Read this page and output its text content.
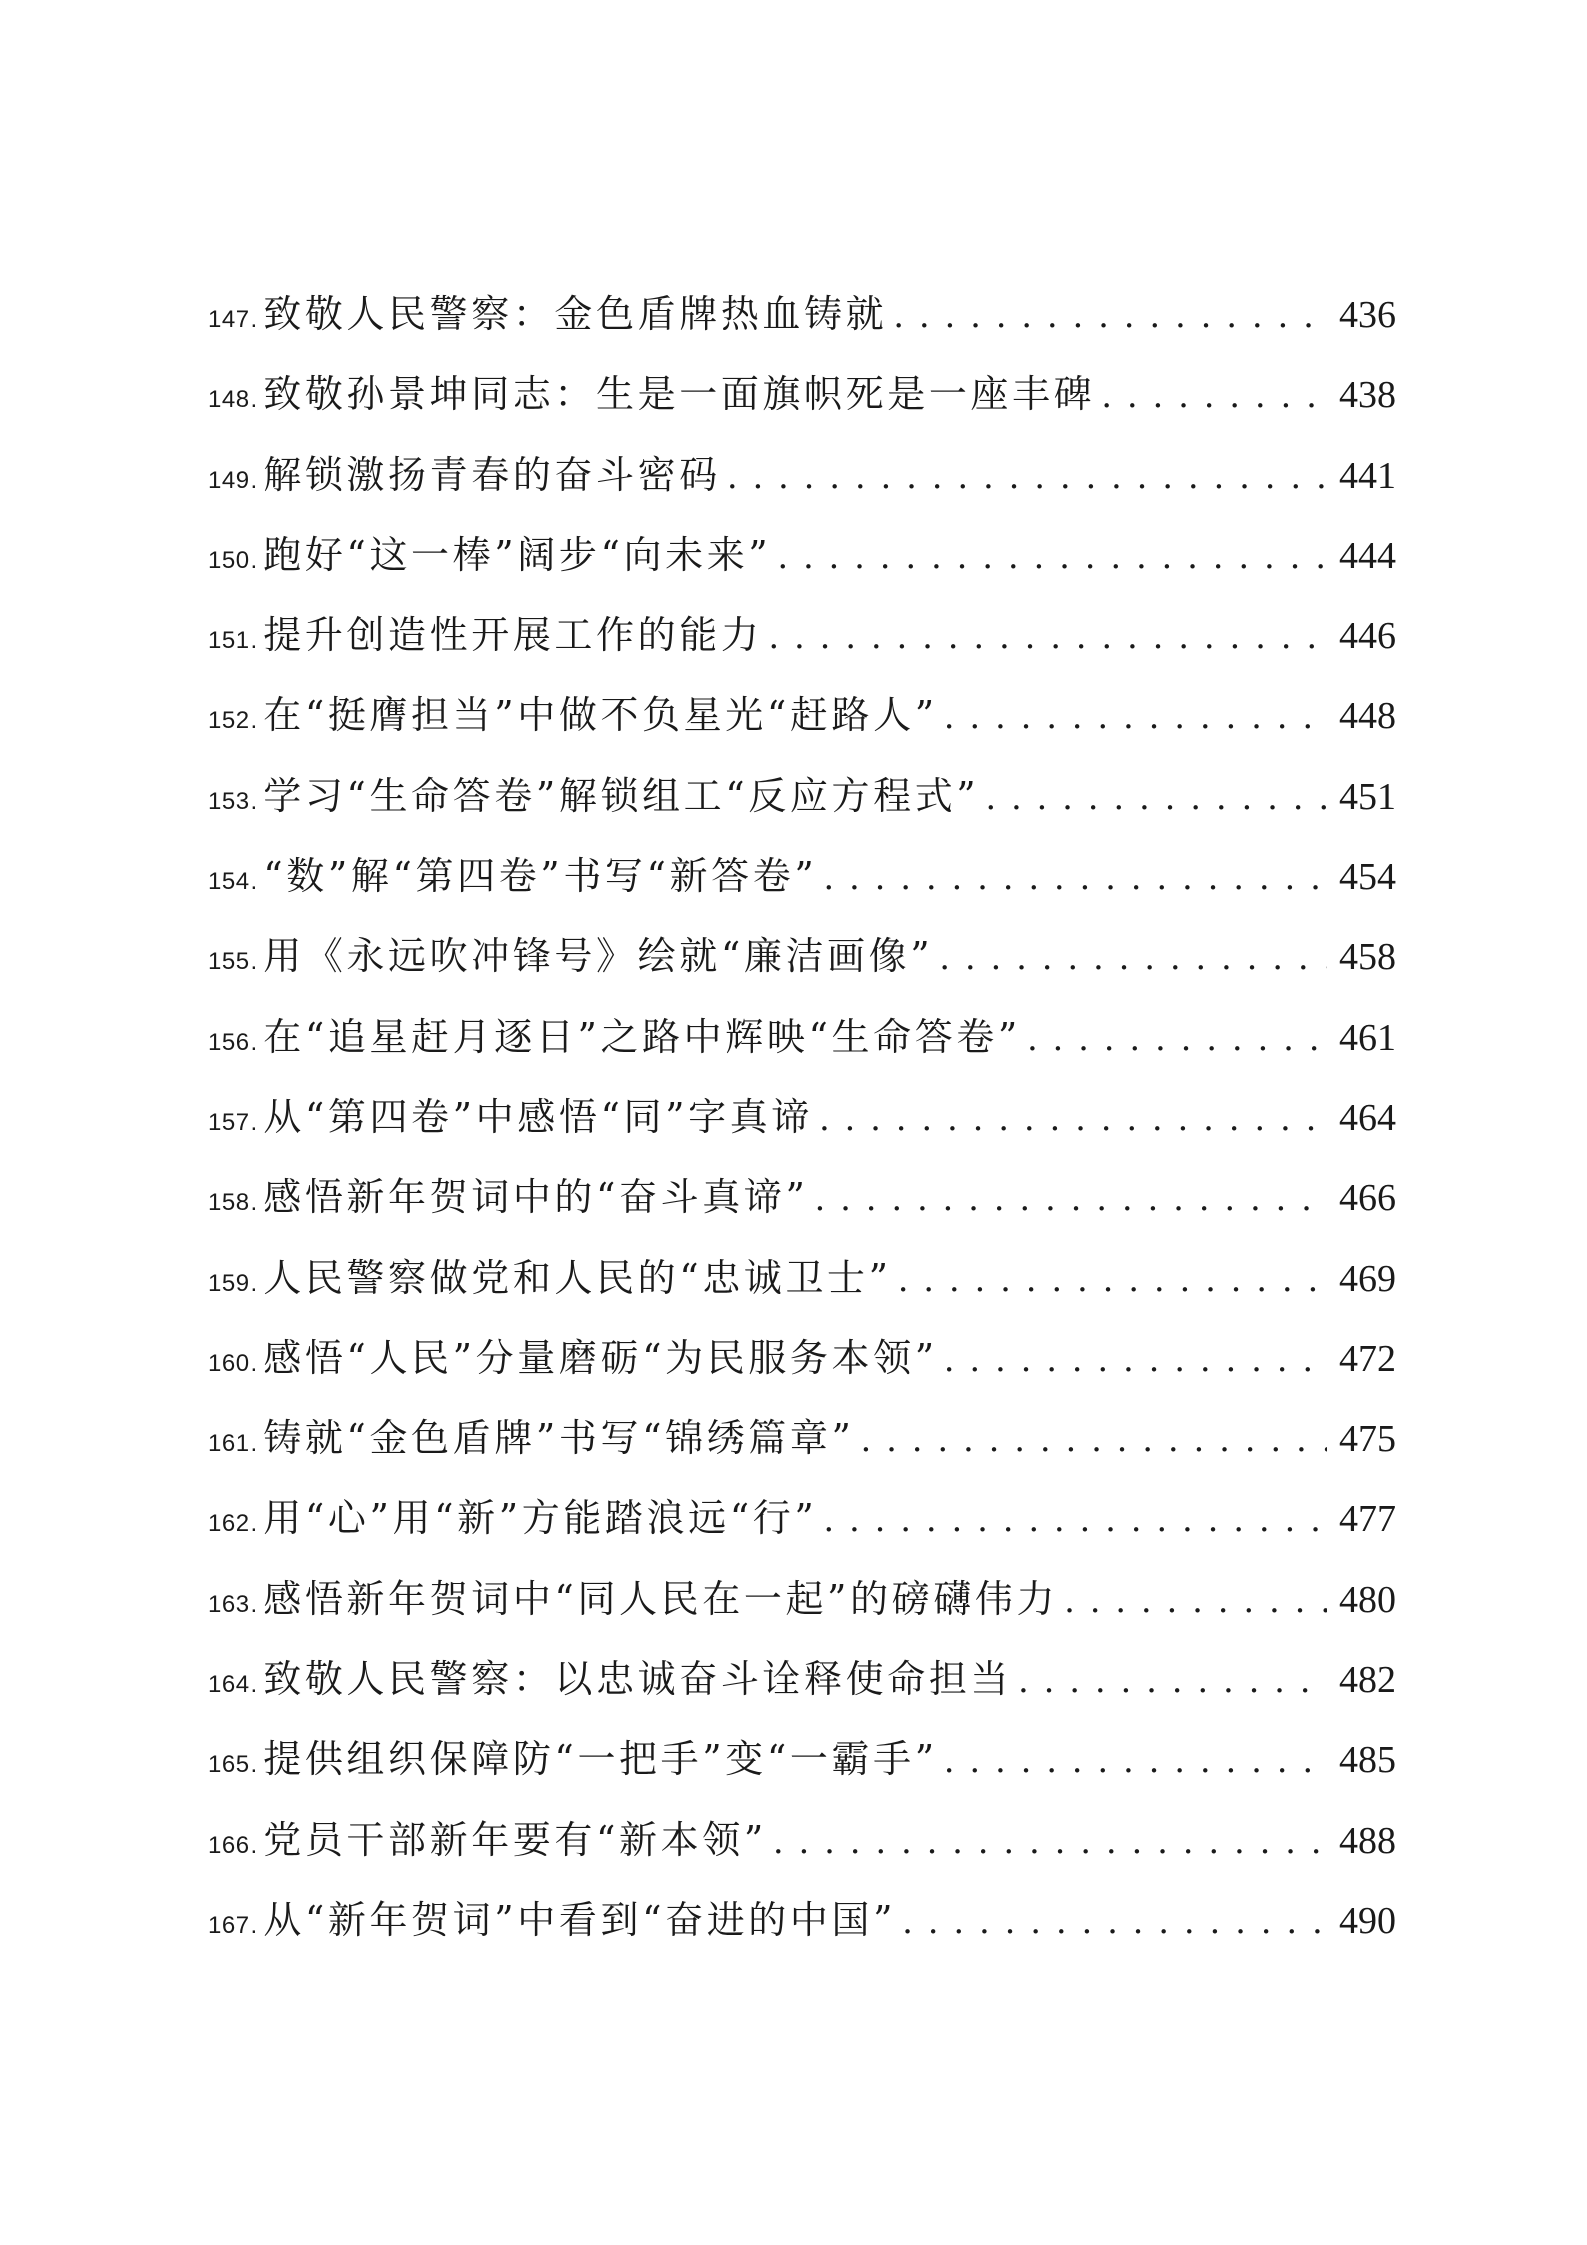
147 . 致敬人民警察：金色盾牌热血铸就 . . .	436
148 . 致敬孙景坤同志：生是一面旗帜死是一座丰碑 . . .	438
149 . 解锁激扬青春的奋斗密码 . . .	441
150 . 跑好“这一棒”阔步“向未来” . . .	444
151 . 提升创造性开展工作的能力 . . .	446
152 . 在“挺膺担当”中做不负星光“赶路人” . . .	448
153 . 学习“生命答卷”解锁组工“反应方程式” . . .	451
154 . “数”解“第四卷”书写“新答卷” . . .	454
155 . 用《永远吹冲锋号》绘就“廉洁画像” . . .	458
156 . 在“追星赶月逐日”之路中辉映“生命答卷” . . .	461
157 . 从“第四卷”中感悟“同”字真谛 . . .	464
158 . 感悟新年贺词中的“奋斗真谛” . . .	466
159 . 人民警察做党和人民的“忠诚卫士” . . .	469
160 . 感悟“人民”分量磨砺“为民服务本领” . . .	472
161 . 铸就“金色盾牌”书写“锦绣篇章” . . .	475
162 . 用“心”用“新”方能踏浪远“行” . . .	477
163 . 感悟新年贺词中“同人民在一起”的磅礴伟力 . . .	480
164 . 致敬人民警察：以忠诚奋斗诠释使命担当 . . .	482
165 . 提供组织保障防“一把手”变“一霸手” . . .	485
166 . 党员干部新年要有“新本领” . . .	488
167 . 从“新年贺词”中看到“奋进的中国” . . .	490
